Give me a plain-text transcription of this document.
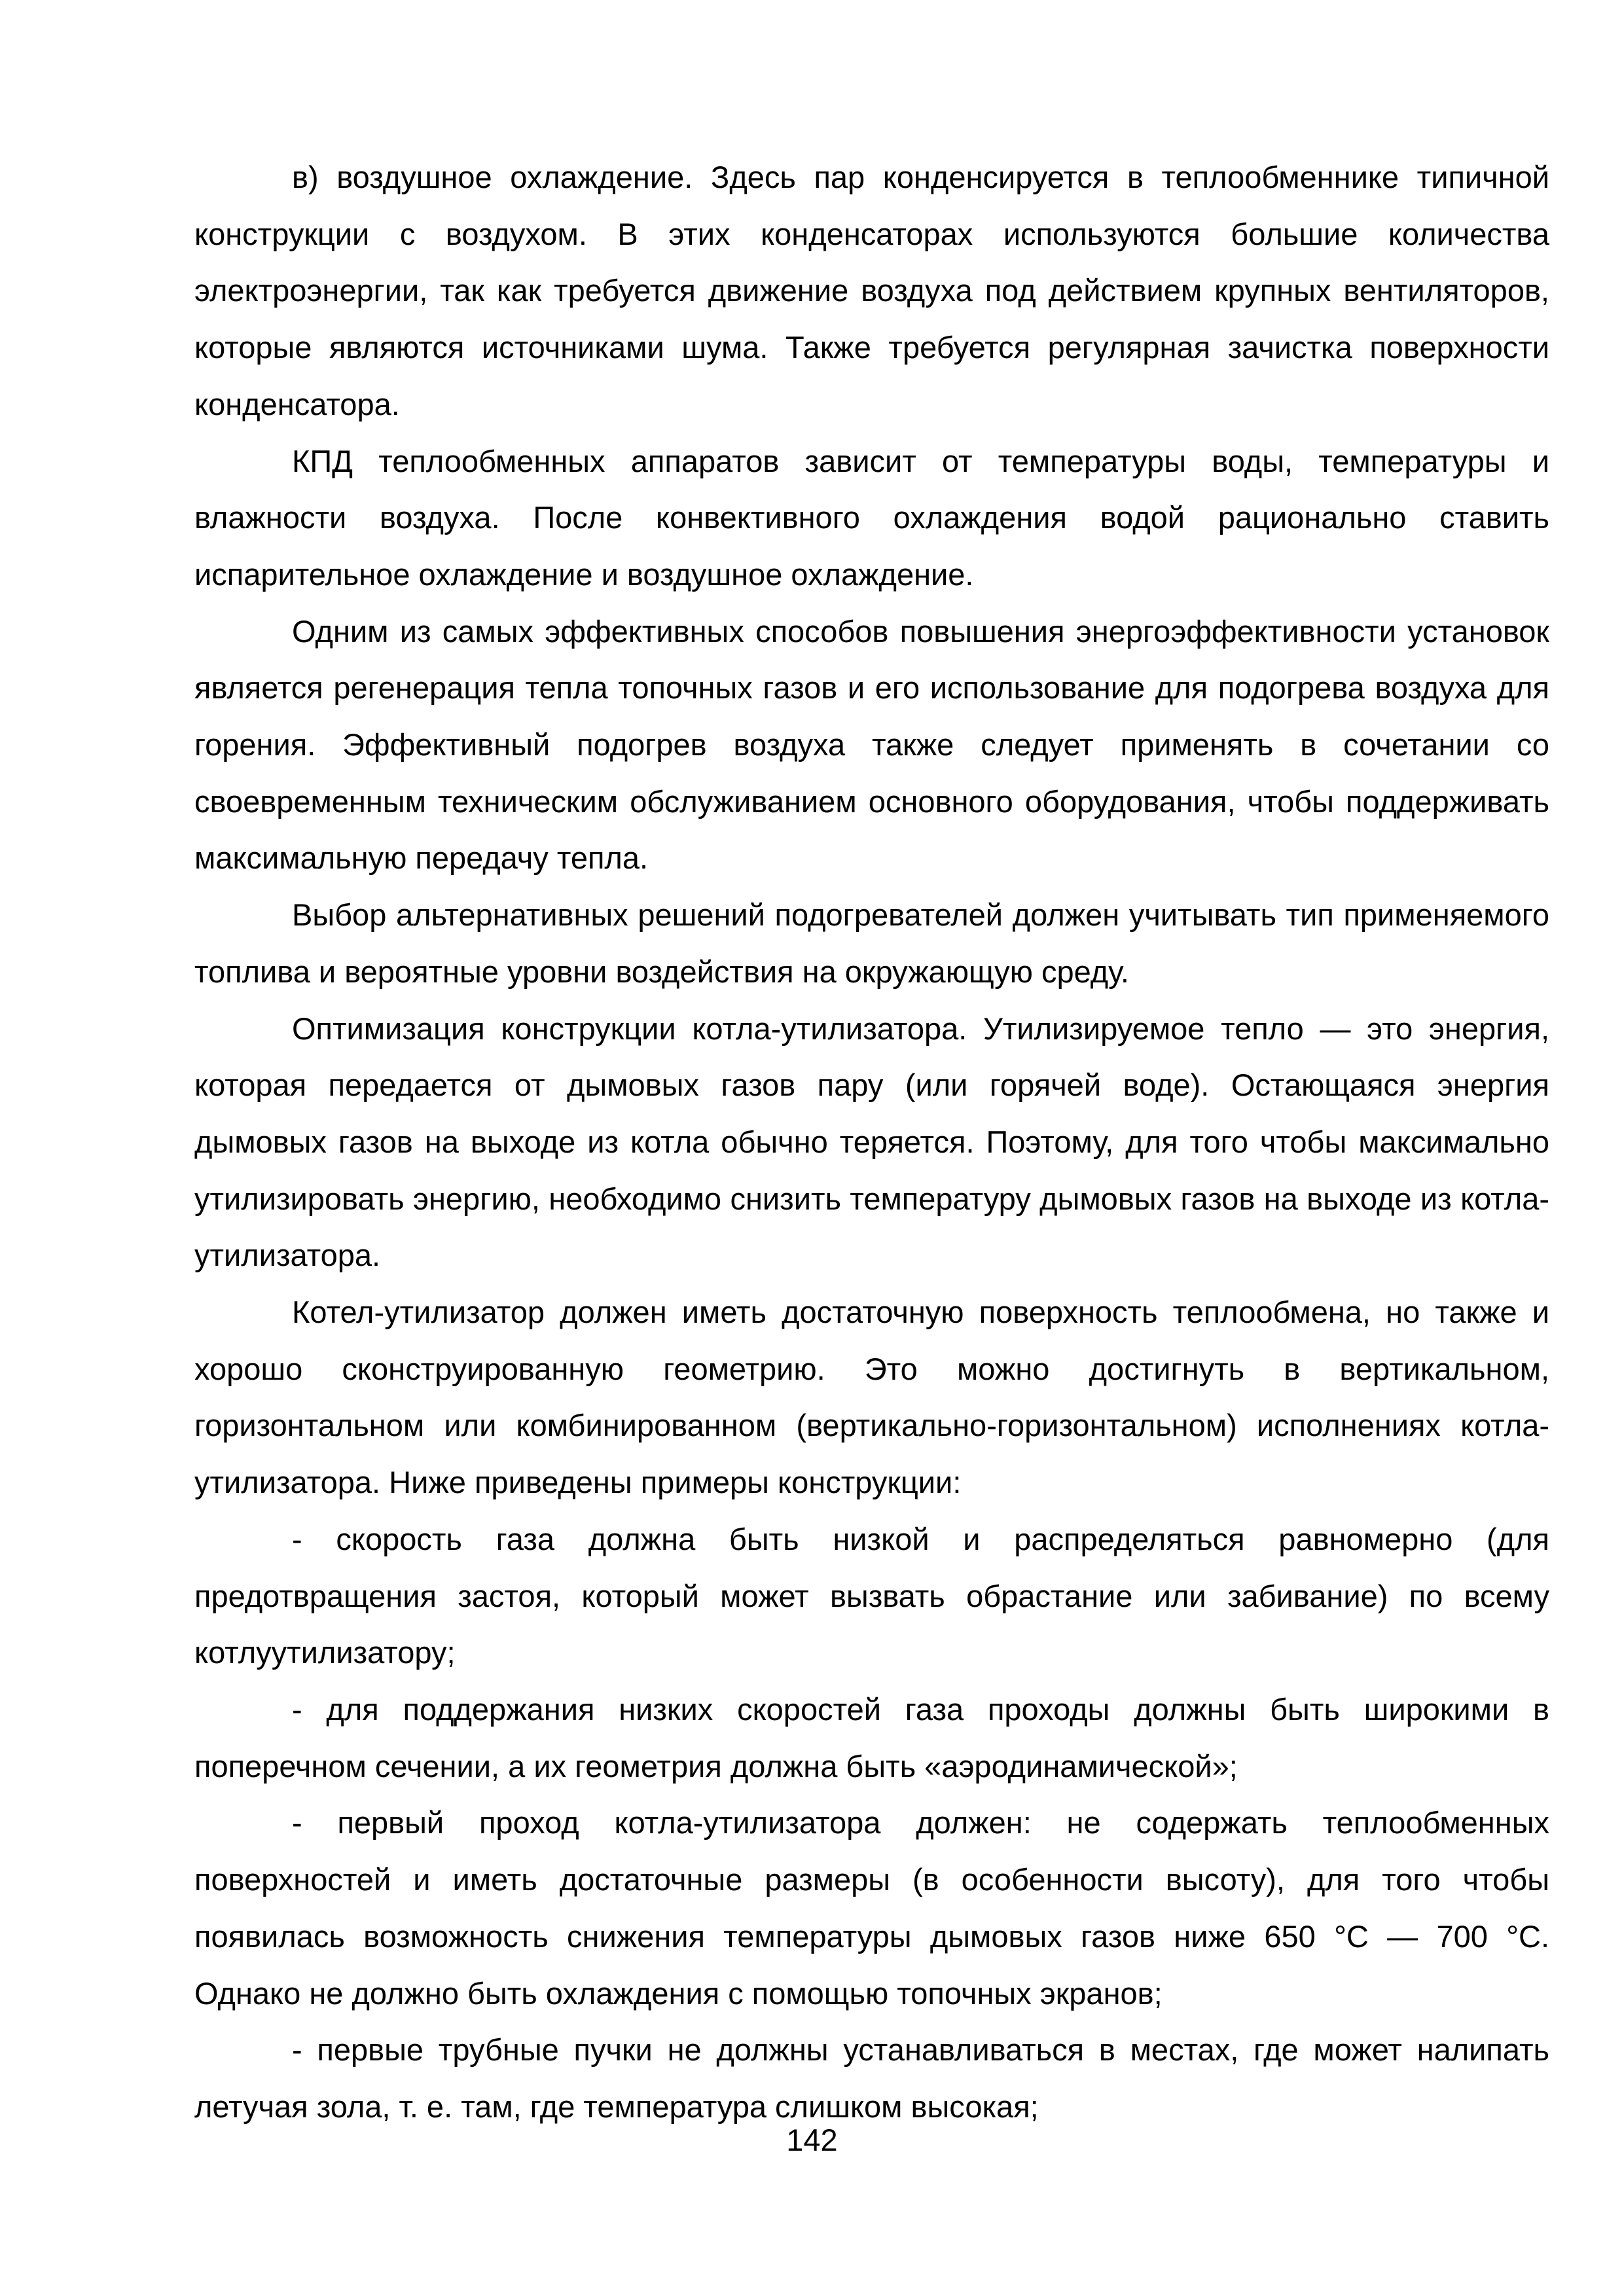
в) воздушное охлаждение. Здесь пар конденсируется в теплообменнике типичной конструкции с воздухом. В этих конденсаторах используются большие количества электроэнергии, так как требуется движение воздуха под действием крупных вентиляторов, которые являются источниками шума. Также требуется регулярная зачистка поверхности конденсатора.

КПД теплообменных аппаратов зависит от температуры воды, температуры и влажности воздуха. После конвективного охлаждения водой рационально ставить испарительное охлаждение и воздушное охлаждение.

Одним из самых эффективных способов повышения энергоэффективности установок является регенерация тепла топочных газов и его использование для подогрева воздуха для горения. Эффективный подогрев воздуха также следует применять в сочетании со своевременным техническим обслуживанием основного оборудования, чтобы поддерживать максимальную передачу тепла.

Выбор альтернативных решений подогревателей должен учитывать тип применяемого топлива и вероятные уровни воздействия на окружающую среду.

Оптимизация конструкции котла-утилизатора. Утилизируемое тепло — это энергия, которая передается от дымовых газов пару (или горячей воде). Остающаяся энергия дымовых газов на выходе из котла обычно теряется. Поэтому, для того чтобы максимально утилизировать энергию, необходимо снизить температуру дымовых газов на выходе из котла-утилизатора.

Котел-утилизатор должен иметь достаточную поверхность теплообмена, но также и хорошо сконструированную геометрию. Это можно достигнуть в вертикальном, горизонтальном или комбинированном (вертикально-горизонтальном) исполнениях котла-утилизатора. Ниже приведены примеры конструкции:

- скорость газа должна быть низкой и распределяться равномерно (для предотвращения застоя, который может вызвать обрастание или забивание) по всему котлуутилизатору;

- для поддержания низких скоростей газа проходы должны быть широкими в поперечном сечении, а их геометрия должна быть «аэродинамической»;

- первый проход котла-утилизатора должен: не содержать теплообменных поверхностей и иметь достаточные размеры (в особенности высоту), для того чтобы появилась возможность снижения температуры дымовых газов ниже 650 °С — 700 °С. Однако не должно быть охлаждения с помощью топочных экранов;

- первые трубные пучки не должны устанавливаться в местах, где может налипать летучая зола, т. е. там, где температура слишком высокая;

142
